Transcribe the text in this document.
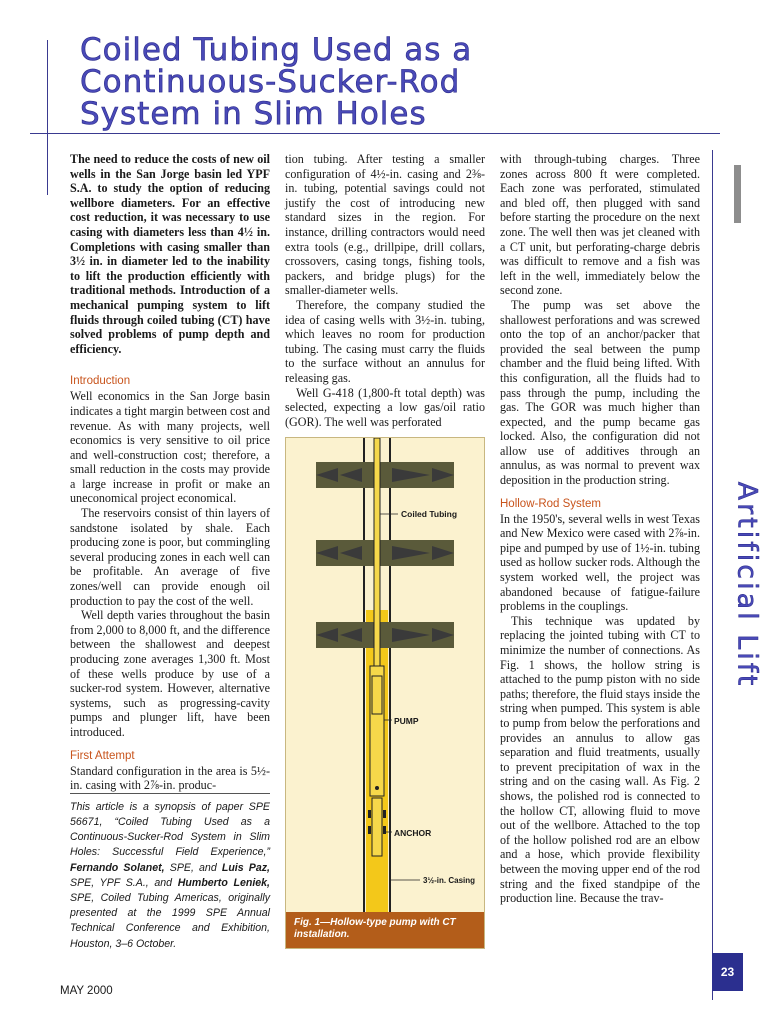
Coiled Tubing Used as a
Continuous-Sucker-Rod
System in Slim Holes
Artificial Lift

The need to reduce the costs of new oil wells in the San Jorge basin led YPF S.A. to study the option of reducing wellbore diameters. For an effective cost reduction, it was necessary to use casing with diameters less than 4½ in. Completions with casing smaller than 3½ in. in diameter led to the inability to lift the production efficiently with traditional methods. Introduction of a mechanical pumping system to lift fluids through coiled tubing (CT) have solved problems of pump depth and efficiency.

Introduction

Well economics in the San Jorge basin indicates a tight margin between cost and revenue. As with many projects, well economics is very sensitive to oil price and well-construction cost; therefore, a small reduction in the costs may provide a large increase in profit or make an uneconomical project economical.

The reservoirs consist of thin layers of sandstone isolated by shale. Each producing zone is poor, but commingling several producing zones in each well can be profitable. An average of five zones/well can provide enough oil production to pay the cost of the well.

Well depth varies throughout the basin from 2,000 to 8,000 ft, and the difference between the shallowest and deepest producing zone averages 1,300 ft. Most of these wells produce by use of a sucker-rod system. However, alternative systems, such as progressing-cavity pumps and plunger lift, have been introduced.

First Attempt

Standard configuration in the area is 5½-in. casing with 2⅞-in. produc-

This article is a synopsis of paper SPE 56671, “Coiled Tubing Used as a Continuous-Sucker-Rod System in Slim Holes: Successful Field Experience,” Fernando Solanet, SPE, and Luis Paz, SPE, YPF S.A., and Humberto Leniek, SPE, Coiled Tubing Americas, originally presented at the 1999 SPE Annual Technical Conference and Exhibition, Houston, 3–6 October.

tion tubing. After testing a smaller configuration of 4½-in. casing and 2⅜-in. tubing, potential savings could not justify the cost of introducing new standard sizes in the region. For instance, drilling contractors would need extra tools (e.g., drillpipe, drill collars, crossovers, casing tongs, fishing tools, packers, and bridge plugs) for the smaller-diameter wells.

Therefore, the company studied the idea of casing wells with 3½-in. tubing, which leaves no room for production tubing. The casing must carry the fluids to the surface without an annulus for releasing gas.

Well G-418 (1,800-ft total depth) was selected, expecting a low gas/oil ratio (GOR). The well was perforated

Coiled Tubing
PUMP
ANCHOR
3½-in. Casing
Fig. 1—Hollow-type pump with CT installation.

with through-tubing charges. Three zones across 800 ft were completed. Each zone was perforated, stimulated and bled off, then plugged with sand before starting the procedure on the next zone. The well then was jet cleaned with a CT unit, but perforating-charge debris was difficult to remove and a fish was left in the well, immediately below the second zone.

The pump was set above the shallowest perforations and was screwed onto the top of an anchor/packer that provided the seal between the pump chamber and the fluid being lifted. With this configuration, all the fluids had to pass through the pump, including the gas. The GOR was much higher than expected, and the pump became gas locked. Also, the configuration did not allow use of additives through an annulus, as was normal to prevent wax deposition in the production string.

Hollow-Rod System

In the 1950's, several wells in west Texas and New Mexico were cased with 2⅞-in. pipe and pumped by use of 1½-in. tubing used as hollow sucker rods. Although the system worked well, the project was abandoned because of fatigue-failure problems in the couplings.

This technique was updated by replacing the jointed tubing with CT to minimize the number of connections. As Fig. 1 shows, the hollow string is attached to the pump piston with no side paths; therefore, the fluid stays inside the string when pumped. This system is able to pump from below the perforations and provides an annulus to allow gas separation and fluid treatments, usually to prevent precipitation of wax in the string and on the casing wall. As Fig. 2 shows, the polished rod is connected to the hollow CT, allowing fluid to move out of the wellbore. Attached to the top of the hollow polished rod are an elbow and a hose, which provide flexibility between the moving upper end of the rod string and the fixed standpipe of the production line. Because the trav-

MAY 2000
23
